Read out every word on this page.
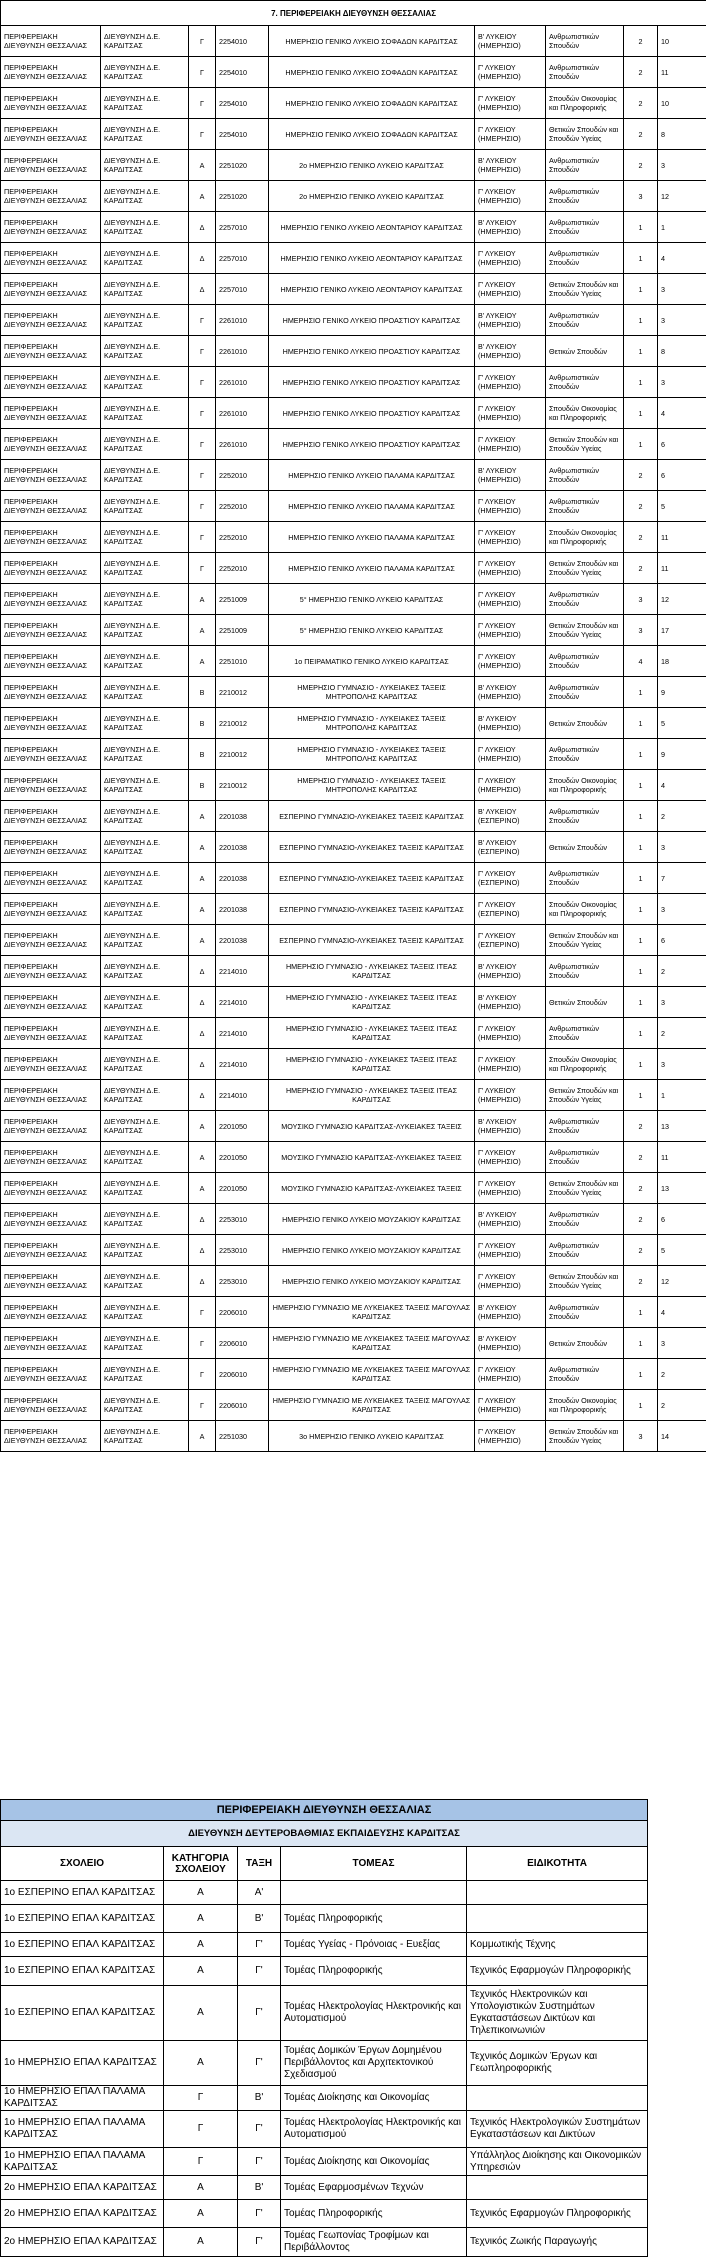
7. ΠΕΡΙΦΕΡΕΙΑΚΗ ΔΙΕΥΘΥΝΣΗ ΘΕΣΣΑΛΙΑΣ								
ΠΕΡΙΦΕΡΕΙΑΚΗ ΔΙΕΥΘΥΝΣΗ ΘΕΣΣΑΛΙΑΣ	ΔΙΕΥΘΥΝΣΗ Δ.Ε. ΚΑΡΔΙΤΣΑΣ	Γ	2254010	ΗΜΕΡΗΣΙΟ ΓΕΝΙΚΟ ΛΥΚΕΙΟ ΣΟΦΑΔΩΝ ΚΑΡΔΙΤΣΑΣ	Β' ΛΥΚΕΙΟΥ (ΗΜΕΡΗΣΙΟ)	Ανθρωπιστικών Σπουδών	2	10
ΠΕΡΙΦΕΡΕΙΑΚΗ ΔΙΕΥΘΥΝΣΗ ΘΕΣΣΑΛΙΑΣ	ΔΙΕΥΘΥΝΣΗ Δ.Ε. ΚΑΡΔΙΤΣΑΣ	Γ	2254010	ΗΜΕΡΗΣΙΟ ΓΕΝΙΚΟ ΛΥΚΕΙΟ ΣΟΦΑΔΩΝ ΚΑΡΔΙΤΣΑΣ	Γ' ΛΥΚΕΙΟΥ (ΗΜΕΡΗΣΙΟ)	Ανθρωπιστικών Σπουδών	2	11
ΠΕΡΙΦΕΡΕΙΑΚΗ ΔΙΕΥΘΥΝΣΗ ΘΕΣΣΑΛΙΑΣ	ΔΙΕΥΘΥΝΣΗ Δ.Ε. ΚΑΡΔΙΤΣΑΣ	Γ	2254010	ΗΜΕΡΗΣΙΟ ΓΕΝΙΚΟ ΛΥΚΕΙΟ ΣΟΦΑΔΩΝ ΚΑΡΔΙΤΣΑΣ	Γ' ΛΥΚΕΙΟΥ (ΗΜΕΡΗΣΙΟ)	Σπουδών Οικονομίας και Πληροφορικής	2	10
ΠΕΡΙΦΕΡΕΙΑΚΗ ΔΙΕΥΘΥΝΣΗ ΘΕΣΣΑΛΙΑΣ	ΔΙΕΥΘΥΝΣΗ Δ.Ε. ΚΑΡΔΙΤΣΑΣ	Γ	2254010	ΗΜΕΡΗΣΙΟ ΓΕΝΙΚΟ ΛΥΚΕΙΟ ΣΟΦΑΔΩΝ ΚΑΡΔΙΤΣΑΣ	Γ' ΛΥΚΕΙΟΥ (ΗΜΕΡΗΣΙΟ)	Θετικών Σπουδών και Σπουδών Υγείας	2	8
ΠΕΡΙΦΕΡΕΙΑΚΗ ΔΙΕΥΘΥΝΣΗ ΘΕΣΣΑΛΙΑΣ	ΔΙΕΥΘΥΝΣΗ Δ.Ε. ΚΑΡΔΙΤΣΑΣ	Α	2251020	2ο ΗΜΕΡΗΣΙΟ ΓΕΝΙΚΟ ΛΥΚΕΙΟ ΚΑΡΔΙΤΣΑΣ	Β' ΛΥΚΕΙΟΥ (ΗΜΕΡΗΣΙΟ)	Ανθρωπιστικών Σπουδών	2	3
ΠΕΡΙΦΕΡΕΙΑΚΗ ΔΙΕΥΘΥΝΣΗ ΘΕΣΣΑΛΙΑΣ	ΔΙΕΥΘΥΝΣΗ Δ.Ε. ΚΑΡΔΙΤΣΑΣ	Α	2251020	2ο ΗΜΕΡΗΣΙΟ ΓΕΝΙΚΟ ΛΥΚΕΙΟ ΚΑΡΔΙΤΣΑΣ	Γ' ΛΥΚΕΙΟΥ (ΗΜΕΡΗΣΙΟ)	Ανθρωπιστικών Σπουδών	3	12
ΠΕΡΙΦΕΡΕΙΑΚΗ ΔΙΕΥΘΥΝΣΗ ΘΕΣΣΑΛΙΑΣ	ΔΙΕΥΘΥΝΣΗ Δ.Ε. ΚΑΡΔΙΤΣΑΣ	Δ	2257010	ΗΜΕΡΗΣΙΟ ΓΕΝΙΚΟ ΛΥΚΕΙΟ ΛΕΟΝΤΑΡΙΟΥ ΚΑΡΔΙΤΣΑΣ	Β' ΛΥΚΕΙΟΥ (ΗΜΕΡΗΣΙΟ)	Ανθρωπιστικών Σπουδών	1	1
ΠΕΡΙΦΕΡΕΙΑΚΗ ΔΙΕΥΘΥΝΣΗ ΘΕΣΣΑΛΙΑΣ	ΔΙΕΥΘΥΝΣΗ Δ.Ε. ΚΑΡΔΙΤΣΑΣ	Δ	2257010	ΗΜΕΡΗΣΙΟ ΓΕΝΙΚΟ ΛΥΚΕΙΟ ΛΕΟΝΤΑΡΙΟΥ ΚΑΡΔΙΤΣΑΣ	Γ' ΛΥΚΕΙΟΥ (ΗΜΕΡΗΣΙΟ)	Ανθρωπιστικών Σπουδών	1	4
ΠΕΡΙΦΕΡΕΙΑΚΗ ΔΙΕΥΘΥΝΣΗ ΘΕΣΣΑΛΙΑΣ	ΔΙΕΥΘΥΝΣΗ Δ.Ε. ΚΑΡΔΙΤΣΑΣ	Δ	2257010	ΗΜΕΡΗΣΙΟ ΓΕΝΙΚΟ ΛΥΚΕΙΟ ΛΕΟΝΤΑΡΙΟΥ ΚΑΡΔΙΤΣΑΣ	Γ' ΛΥΚΕΙΟΥ (ΗΜΕΡΗΣΙΟ)	Θετικών Σπουδών και Σπουδών Υγείας	1	3
ΠΕΡΙΦΕΡΕΙΑΚΗ ΔΙΕΥΘΥΝΣΗ ΘΕΣΣΑΛΙΑΣ	ΔΙΕΥΘΥΝΣΗ Δ.Ε. ΚΑΡΔΙΤΣΑΣ	Γ	2261010	ΗΜΕΡΗΣΙΟ ΓΕΝΙΚΟ ΛΥΚΕΙΟ ΠΡΟΑΣΤΙΟΥ ΚΑΡΔΙΤΣΑΣ	Β' ΛΥΚΕΙΟΥ (ΗΜΕΡΗΣΙΟ)	Ανθρωπιστικών Σπουδών	1	3
ΠΕΡΙΦΕΡΕΙΑΚΗ ΔΙΕΥΘΥΝΣΗ ΘΕΣΣΑΛΙΑΣ	ΔΙΕΥΘΥΝΣΗ Δ.Ε. ΚΑΡΔΙΤΣΑΣ	Γ	2261010	ΗΜΕΡΗΣΙΟ ΓΕΝΙΚΟ ΛΥΚΕΙΟ ΠΡΟΑΣΤΙΟΥ ΚΑΡΔΙΤΣΑΣ	Β' ΛΥΚΕΙΟΥ (ΗΜΕΡΗΣΙΟ)	Θετικών Σπουδών	1	8
ΠΕΡΙΦΕΡΕΙΑΚΗ ΔΙΕΥΘΥΝΣΗ ΘΕΣΣΑΛΙΑΣ	ΔΙΕΥΘΥΝΣΗ Δ.Ε. ΚΑΡΔΙΤΣΑΣ	Γ	2261010	ΗΜΕΡΗΣΙΟ ΓΕΝΙΚΟ ΛΥΚΕΙΟ ΠΡΟΑΣΤΙΟΥ ΚΑΡΔΙΤΣΑΣ	Γ' ΛΥΚΕΙΟΥ (ΗΜΕΡΗΣΙΟ)	Ανθρωπιστικών Σπουδών	1	3
ΠΕΡΙΦΕΡΕΙΑΚΗ ΔΙΕΥΘΥΝΣΗ ΘΕΣΣΑΛΙΑΣ	ΔΙΕΥΘΥΝΣΗ Δ.Ε. ΚΑΡΔΙΤΣΑΣ	Γ	2261010	ΗΜΕΡΗΣΙΟ ΓΕΝΙΚΟ ΛΥΚΕΙΟ ΠΡΟΑΣΤΙΟΥ ΚΑΡΔΙΤΣΑΣ	Γ' ΛΥΚΕΙΟΥ (ΗΜΕΡΗΣΙΟ)	Σπουδών Οικονομίας και Πληροφορικής	1	4
ΠΕΡΙΦΕΡΕΙΑΚΗ ΔΙΕΥΘΥΝΣΗ ΘΕΣΣΑΛΙΑΣ	ΔΙΕΥΘΥΝΣΗ Δ.Ε. ΚΑΡΔΙΤΣΑΣ	Γ	2261010	ΗΜΕΡΗΣΙΟ ΓΕΝΙΚΟ ΛΥΚΕΙΟ ΠΡΟΑΣΤΙΟΥ ΚΑΡΔΙΤΣΑΣ	Γ' ΛΥΚΕΙΟΥ (ΗΜΕΡΗΣΙΟ)	Θετικών Σπουδών και Σπουδών Υγείας	1	6
ΠΕΡΙΦΕΡΕΙΑΚΗ ΔΙΕΥΘΥΝΣΗ ΘΕΣΣΑΛΙΑΣ	ΔΙΕΥΘΥΝΣΗ Δ.Ε. ΚΑΡΔΙΤΣΑΣ	Γ	2252010	ΗΜΕΡΗΣΙΟ ΓΕΝΙΚΟ ΛΥΚΕΙΟ ΠΑΛΑΜΑ ΚΑΡΔΙΤΣΑΣ	Β' ΛΥΚΕΙΟΥ (ΗΜΕΡΗΣΙΟ)	Ανθρωπιστικών Σπουδών	2	6
ΠΕΡΙΦΕΡΕΙΑΚΗ ΔΙΕΥΘΥΝΣΗ ΘΕΣΣΑΛΙΑΣ	ΔΙΕΥΘΥΝΣΗ Δ.Ε. ΚΑΡΔΙΤΣΑΣ	Γ	2252010	ΗΜΕΡΗΣΙΟ ΓΕΝΙΚΟ ΛΥΚΕΙΟ ΠΑΛΑΜΑ ΚΑΡΔΙΤΣΑΣ	Γ' ΛΥΚΕΙΟΥ (ΗΜΕΡΗΣΙΟ)	Ανθρωπιστικών Σπουδών	2	5
ΠΕΡΙΦΕΡΕΙΑΚΗ ΔΙΕΥΘΥΝΣΗ ΘΕΣΣΑΛΙΑΣ	ΔΙΕΥΘΥΝΣΗ Δ.Ε. ΚΑΡΔΙΤΣΑΣ	Γ	2252010	ΗΜΕΡΗΣΙΟ ΓΕΝΙΚΟ ΛΥΚΕΙΟ ΠΑΛΑΜΑ ΚΑΡΔΙΤΣΑΣ	Γ' ΛΥΚΕΙΟΥ (ΗΜΕΡΗΣΙΟ)	Σπουδών Οικονομίας και Πληροφορικής	2	11
ΠΕΡΙΦΕΡΕΙΑΚΗ ΔΙΕΥΘΥΝΣΗ ΘΕΣΣΑΛΙΑΣ	ΔΙΕΥΘΥΝΣΗ Δ.Ε. ΚΑΡΔΙΤΣΑΣ	Γ	2252010	ΗΜΕΡΗΣΙΟ ΓΕΝΙΚΟ ΛΥΚΕΙΟ ΠΑΛΑΜΑ ΚΑΡΔΙΤΣΑΣ	Γ' ΛΥΚΕΙΟΥ (ΗΜΕΡΗΣΙΟ)	Θετικών Σπουδών και Σπουδών Υγείας	2	11
ΠΕΡΙΦΕΡΕΙΑΚΗ ΔΙΕΥΘΥΝΣΗ ΘΕΣΣΑΛΙΑΣ	ΔΙΕΥΘΥΝΣΗ Δ.Ε. ΚΑΡΔΙΤΣΑΣ	Α	2251009	5° ΗΜΕΡΗΣΙΟ ΓΕΝΙΚΟ ΛΥΚΕΙΟ ΚΑΡΔΙΤΣΑΣ	Γ' ΛΥΚΕΙΟΥ (ΗΜΕΡΗΣΙΟ)	Ανθρωπιστικών Σπουδών	3	12
ΠΕΡΙΦΕΡΕΙΑΚΗ ΔΙΕΥΘΥΝΣΗ ΘΕΣΣΑΛΙΑΣ	ΔΙΕΥΘΥΝΣΗ Δ.Ε. ΚΑΡΔΙΤΣΑΣ	Α	2251009	5° ΗΜΕΡΗΣΙΟ ΓΕΝΙΚΟ ΛΥΚΕΙΟ ΚΑΡΔΙΤΣΑΣ	Γ' ΛΥΚΕΙΟΥ (ΗΜΕΡΗΣΙΟ)	Θετικών Σπουδών και Σπουδών Υγείας	3	17
ΠΕΡΙΦΕΡΕΙΑΚΗ ΔΙΕΥΘΥΝΣΗ ΘΕΣΣΑΛΙΑΣ	ΔΙΕΥΘΥΝΣΗ Δ.Ε. ΚΑΡΔΙΤΣΑΣ	Α	2251010	1ο ΠΕΙΡΑΜΑΤΙΚΟ ΓΕΝΙΚΟ ΛΥΚΕΙΟ ΚΑΡΔΙΤΣΑΣ	Γ' ΛΥΚΕΙΟΥ (ΗΜΕΡΗΣΙΟ)	Ανθρωπιστικών Σπουδών	4	18
ΠΕΡΙΦΕΡΕΙΑΚΗ ΔΙΕΥΘΥΝΣΗ ΘΕΣΣΑΛΙΑΣ	ΔΙΕΥΘΥΝΣΗ Δ.Ε. ΚΑΡΔΙΤΣΑΣ	Β	2210012	ΗΜΕΡΗΣΙΟ ΓΥΜΝΑΣΙΟ - ΛΥΚΕΙΑΚΕΣ ΤΑΞΕΙΣ ΜΗΤΡΟΠΟΛΗΣ ΚΑΡΔΙΤΣΑΣ	Β' ΛΥΚΕΙΟΥ (ΗΜΕΡΗΣΙΟ)	Ανθρωπιστικών Σπουδών	1	9
ΠΕΡΙΦΕΡΕΙΑΚΗ ΔΙΕΥΘΥΝΣΗ ΘΕΣΣΑΛΙΑΣ	ΔΙΕΥΘΥΝΣΗ Δ.Ε. ΚΑΡΔΙΤΣΑΣ	Β	2210012	ΗΜΕΡΗΣΙΟ ΓΥΜΝΑΣΙΟ - ΛΥΚΕΙΑΚΕΣ ΤΑΞΕΙΣ ΜΗΤΡΟΠΟΛΗΣ ΚΑΡΔΙΤΣΑΣ	Β' ΛΥΚΕΙΟΥ (ΗΜΕΡΗΣΙΟ)	Θετικών Σπουδών	1	5
ΠΕΡΙΦΕΡΕΙΑΚΗ ΔΙΕΥΘΥΝΣΗ ΘΕΣΣΑΛΙΑΣ	ΔΙΕΥΘΥΝΣΗ Δ.Ε. ΚΑΡΔΙΤΣΑΣ	Β	2210012	ΗΜΕΡΗΣΙΟ ΓΥΜΝΑΣΙΟ - ΛΥΚΕΙΑΚΕΣ ΤΑΞΕΙΣ ΜΗΤΡΟΠΟΛΗΣ ΚΑΡΔΙΤΣΑΣ	Γ' ΛΥΚΕΙΟΥ (ΗΜΕΡΗΣΙΟ)	Ανθρωπιστικών Σπουδών	1	9
ΠΕΡΙΦΕΡΕΙΑΚΗ ΔΙΕΥΘΥΝΣΗ ΘΕΣΣΑΛΙΑΣ	ΔΙΕΥΘΥΝΣΗ Δ.Ε. ΚΑΡΔΙΤΣΑΣ	Β	2210012	ΗΜΕΡΗΣΙΟ ΓΥΜΝΑΣΙΟ - ΛΥΚΕΙΑΚΕΣ ΤΑΞΕΙΣ ΜΗΤΡΟΠΟΛΗΣ ΚΑΡΔΙΤΣΑΣ	Γ' ΛΥΚΕΙΟΥ (ΗΜΕΡΗΣΙΟ)	Σπουδών Οικονομίας και Πληροφορικής	1	4
ΠΕΡΙΦΕΡΕΙΑΚΗ ΔΙΕΥΘΥΝΣΗ ΘΕΣΣΑΛΙΑΣ	ΔΙΕΥΘΥΝΣΗ Δ.Ε. ΚΑΡΔΙΤΣΑΣ	Α	2201038	ΕΣΠΕΡΙΝΟ ΓΥΜΝΑΣΙΟ-ΛΥΚΕΙΑΚΕΣ ΤΑΞΕΙΣ ΚΑΡΔΙΤΣΑΣ	Β' ΛΥΚΕΙΟΥ (ΕΣΠΕΡΙΝΟ)	Ανθρωπιστικών Σπουδών	1	2
ΠΕΡΙΦΕΡΕΙΑΚΗ ΔΙΕΥΘΥΝΣΗ ΘΕΣΣΑΛΙΑΣ	ΔΙΕΥΘΥΝΣΗ Δ.Ε. ΚΑΡΔΙΤΣΑΣ	Α	2201038	ΕΣΠΕΡΙΝΟ ΓΥΜΝΑΣΙΟ-ΛΥΚΕΙΑΚΕΣ ΤΑΞΕΙΣ ΚΑΡΔΙΤΣΑΣ	Β' ΛΥΚΕΙΟΥ (ΕΣΠΕΡΙΝΟ)	Θετικών Σπουδών	1	3
ΠΕΡΙΦΕΡΕΙΑΚΗ ΔΙΕΥΘΥΝΣΗ ΘΕΣΣΑΛΙΑΣ	ΔΙΕΥΘΥΝΣΗ Δ.Ε. ΚΑΡΔΙΤΣΑΣ	Α	2201038	ΕΣΠΕΡΙΝΟ ΓΥΜΝΑΣΙΟ-ΛΥΚΕΙΑΚΕΣ ΤΑΞΕΙΣ ΚΑΡΔΙΤΣΑΣ	Γ' ΛΥΚΕΙΟΥ (ΕΣΠΕΡΙΝΟ)	Ανθρωπιστικών Σπουδών	1	7
ΠΕΡΙΦΕΡΕΙΑΚΗ ΔΙΕΥΘΥΝΣΗ ΘΕΣΣΑΛΙΑΣ	ΔΙΕΥΘΥΝΣΗ Δ.Ε. ΚΑΡΔΙΤΣΑΣ	Α	2201038	ΕΣΠΕΡΙΝΟ ΓΥΜΝΑΣΙΟ-ΛΥΚΕΙΑΚΕΣ ΤΑΞΕΙΣ ΚΑΡΔΙΤΣΑΣ	Γ' ΛΥΚΕΙΟΥ (ΕΣΠΕΡΙΝΟ)	Σπουδών Οικονομίας και Πληροφορικής	1	3
ΠΕΡΙΦΕΡΕΙΑΚΗ ΔΙΕΥΘΥΝΣΗ ΘΕΣΣΑΛΙΑΣ	ΔΙΕΥΘΥΝΣΗ Δ.Ε. ΚΑΡΔΙΤΣΑΣ	Α	2201038	ΕΣΠΕΡΙΝΟ ΓΥΜΝΑΣΙΟ-ΛΥΚΕΙΑΚΕΣ ΤΑΞΕΙΣ ΚΑΡΔΙΤΣΑΣ	Γ' ΛΥΚΕΙΟΥ (ΕΣΠΕΡΙΝΟ)	Θετικών Σπουδών και Σπουδών Υγείας	1	6
ΠΕΡΙΦΕΡΕΙΑΚΗ ΔΙΕΥΘΥΝΣΗ ΘΕΣΣΑΛΙΑΣ	ΔΙΕΥΘΥΝΣΗ Δ.Ε. ΚΑΡΔΙΤΣΑΣ	Δ	2214010	ΗΜΕΡΗΣΙΟ ΓΥΜΝΑΣΙΟ - ΛΥΚΕΙΑΚΕΣ ΤΑΞΕΙΣ ΙΤΕΑΣ ΚΑΡΔΙΤΣΑΣ	Β' ΛΥΚΕΙΟΥ (ΗΜΕΡΗΣΙΟ)	Ανθρωπιστικών Σπουδών	1	2
ΠΕΡΙΦΕΡΕΙΑΚΗ ΔΙΕΥΘΥΝΣΗ ΘΕΣΣΑΛΙΑΣ	ΔΙΕΥΘΥΝΣΗ Δ.Ε. ΚΑΡΔΙΤΣΑΣ	Δ	2214010	ΗΜΕΡΗΣΙΟ ΓΥΜΝΑΣΙΟ - ΛΥΚΕΙΑΚΕΣ ΤΑΞΕΙΣ ΙΤΕΑΣ ΚΑΡΔΙΤΣΑΣ	Β' ΛΥΚΕΙΟΥ (ΗΜΕΡΗΣΙΟ)	Θετικών Σπουδών	1	3
ΠΕΡΙΦΕΡΕΙΑΚΗ ΔΙΕΥΘΥΝΣΗ ΘΕΣΣΑΛΙΑΣ	ΔΙΕΥΘΥΝΣΗ Δ.Ε. ΚΑΡΔΙΤΣΑΣ	Δ	2214010	ΗΜΕΡΗΣΙΟ ΓΥΜΝΑΣΙΟ - ΛΥΚΕΙΑΚΕΣ ΤΑΞΕΙΣ ΙΤΕΑΣ ΚΑΡΔΙΤΣΑΣ	Γ' ΛΥΚΕΙΟΥ (ΗΜΕΡΗΣΙΟ)	Ανθρωπιστικών Σπουδών	1	2
ΠΕΡΙΦΕΡΕΙΑΚΗ ΔΙΕΥΘΥΝΣΗ ΘΕΣΣΑΛΙΑΣ	ΔΙΕΥΘΥΝΣΗ Δ.Ε. ΚΑΡΔΙΤΣΑΣ	Δ	2214010	ΗΜΕΡΗΣΙΟ ΓΥΜΝΑΣΙΟ - ΛΥΚΕΙΑΚΕΣ ΤΑΞΕΙΣ ΙΤΕΑΣ ΚΑΡΔΙΤΣΑΣ	Γ' ΛΥΚΕΙΟΥ (ΗΜΕΡΗΣΙΟ)	Σπουδών Οικονομίας και Πληροφορικής	1	3
ΠΕΡΙΦΕΡΕΙΑΚΗ ΔΙΕΥΘΥΝΣΗ ΘΕΣΣΑΛΙΑΣ	ΔΙΕΥΘΥΝΣΗ Δ.Ε. ΚΑΡΔΙΤΣΑΣ	Δ	2214010	ΗΜΕΡΗΣΙΟ ΓΥΜΝΑΣΙΟ - ΛΥΚΕΙΑΚΕΣ ΤΑΞΕΙΣ ΙΤΕΑΣ ΚΑΡΔΙΤΣΑΣ	Γ' ΛΥΚΕΙΟΥ (ΗΜΕΡΗΣΙΟ)	Θετικών Σπουδών και Σπουδών Υγείας	1	1
ΠΕΡΙΦΕΡΕΙΑΚΗ ΔΙΕΥΘΥΝΣΗ ΘΕΣΣΑΛΙΑΣ	ΔΙΕΥΘΥΝΣΗ Δ.Ε. ΚΑΡΔΙΤΣΑΣ	Α	2201050	ΜΟΥΣΙΚΟ ΓΥΜΝΑΣΙΟ ΚΑΡΔΙΤΣΑΣ-ΛΥΚΕΙΑΚΕΣ ΤΑΞΕΙΣ	Β' ΛΥΚΕΙΟΥ (ΗΜΕΡΗΣΙΟ)	Ανθρωπιστικών Σπουδών	2	13
ΠΕΡΙΦΕΡΕΙΑΚΗ ΔΙΕΥΘΥΝΣΗ ΘΕΣΣΑΛΙΑΣ	ΔΙΕΥΘΥΝΣΗ Δ.Ε. ΚΑΡΔΙΤΣΑΣ	Α	2201050	ΜΟΥΣΙΚΟ ΓΥΜΝΑΣΙΟ ΚΑΡΔΙΤΣΑΣ-ΛΥΚΕΙΑΚΕΣ ΤΑΞΕΙΣ	Γ' ΛΥΚΕΙΟΥ (ΗΜΕΡΗΣΙΟ)	Ανθρωπιστικών Σπουδών	2	11
ΠΕΡΙΦΕΡΕΙΑΚΗ ΔΙΕΥΘΥΝΣΗ ΘΕΣΣΑΛΙΑΣ	ΔΙΕΥΘΥΝΣΗ Δ.Ε. ΚΑΡΔΙΤΣΑΣ	Α	2201050	ΜΟΥΣΙΚΟ ΓΥΜΝΑΣΙΟ ΚΑΡΔΙΤΣΑΣ-ΛΥΚΕΙΑΚΕΣ ΤΑΞΕΙΣ	Γ' ΛΥΚΕΙΟΥ (ΗΜΕΡΗΣΙΟ)	Θετικών Σπουδών και Σπουδών Υγείας	2	13
ΠΕΡΙΦΕΡΕΙΑΚΗ ΔΙΕΥΘΥΝΣΗ ΘΕΣΣΑΛΙΑΣ	ΔΙΕΥΘΥΝΣΗ Δ.Ε. ΚΑΡΔΙΤΣΑΣ	Δ	2253010	ΗΜΕΡΗΣΙΟ ΓΕΝΙΚΟ ΛΥΚΕΙΟ ΜΟΥΖΑΚΙΟΥ ΚΑΡΔΙΤΣΑΣ	Β' ΛΥΚΕΙΟΥ (ΗΜΕΡΗΣΙΟ)	Ανθρωπιστικών Σπουδών	2	6
ΠΕΡΙΦΕΡΕΙΑΚΗ ΔΙΕΥΘΥΝΣΗ ΘΕΣΣΑΛΙΑΣ	ΔΙΕΥΘΥΝΣΗ Δ.Ε. ΚΑΡΔΙΤΣΑΣ	Δ	2253010	ΗΜΕΡΗΣΙΟ ΓΕΝΙΚΟ ΛΥΚΕΙΟ ΜΟΥΖΑΚΙΟΥ ΚΑΡΔΙΤΣΑΣ	Γ' ΛΥΚΕΙΟΥ (ΗΜΕΡΗΣΙΟ)	Ανθρωπιστικών Σπουδών	2	5
ΠΕΡΙΦΕΡΕΙΑΚΗ ΔΙΕΥΘΥΝΣΗ ΘΕΣΣΑΛΙΑΣ	ΔΙΕΥΘΥΝΣΗ Δ.Ε. ΚΑΡΔΙΤΣΑΣ	Δ	2253010	ΗΜΕΡΗΣΙΟ ΓΕΝΙΚΟ ΛΥΚΕΙΟ ΜΟΥΖΑΚΙΟΥ ΚΑΡΔΙΤΣΑΣ	Γ' ΛΥΚΕΙΟΥ (ΗΜΕΡΗΣΙΟ)	Θετικών Σπουδών και Σπουδών Υγείας	2	12
ΠΕΡΙΦΕΡΕΙΑΚΗ ΔΙΕΥΘΥΝΣΗ ΘΕΣΣΑΛΙΑΣ	ΔΙΕΥΘΥΝΣΗ Δ.Ε. ΚΑΡΔΙΤΣΑΣ	Γ	2206010	ΗΜΕΡΗΣΙΟ ΓΥΜΝΑΣΙΟ ΜΕ ΛΥΚΕΙΑΚΕΣ ΤΑΞΕΙΣ ΜΑΓΟΥΛΑΣ ΚΑΡΔΙΤΣΑΣ	Β' ΛΥΚΕΙΟΥ (ΗΜΕΡΗΣΙΟ)	Ανθρωπιστικών Σπουδών	1	4
ΠΕΡΙΦΕΡΕΙΑΚΗ ΔΙΕΥΘΥΝΣΗ ΘΕΣΣΑΛΙΑΣ	ΔΙΕΥΘΥΝΣΗ Δ.Ε. ΚΑΡΔΙΤΣΑΣ	Γ	2206010	ΗΜΕΡΗΣΙΟ ΓΥΜΝΑΣΙΟ ΜΕ ΛΥΚΕΙΑΚΕΣ ΤΑΞΕΙΣ ΜΑΓΟΥΛΑΣ ΚΑΡΔΙΤΣΑΣ	Β' ΛΥΚΕΙΟΥ (ΗΜΕΡΗΣΙΟ)	Θετικών Σπουδών	1	3
ΠΕΡΙΦΕΡΕΙΑΚΗ ΔΙΕΥΘΥΝΣΗ ΘΕΣΣΑΛΙΑΣ	ΔΙΕΥΘΥΝΣΗ Δ.Ε. ΚΑΡΔΙΤΣΑΣ	Γ	2206010	ΗΜΕΡΗΣΙΟ ΓΥΜΝΑΣΙΟ ΜΕ ΛΥΚΕΙΑΚΕΣ ΤΑΞΕΙΣ ΜΑΓΟΥΛΑΣ ΚΑΡΔΙΤΣΑΣ	Γ' ΛΥΚΕΙΟΥ (ΗΜΕΡΗΣΙΟ)	Ανθρωπιστικών Σπουδών	1	2
ΠΕΡΙΦΕΡΕΙΑΚΗ ΔΙΕΥΘΥΝΣΗ ΘΕΣΣΑΛΙΑΣ	ΔΙΕΥΘΥΝΣΗ Δ.Ε. ΚΑΡΔΙΤΣΑΣ	Γ	2206010	ΗΜΕΡΗΣΙΟ ΓΥΜΝΑΣΙΟ ΜΕ ΛΥΚΕΙΑΚΕΣ ΤΑΞΕΙΣ ΜΑΓΟΥΛΑΣ ΚΑΡΔΙΤΣΑΣ	Γ' ΛΥΚΕΙΟΥ (ΗΜΕΡΗΣΙΟ)	Σπουδών Οικονομίας και Πληροφορικής	1	2
ΠΕΡΙΦΕΡΕΙΑΚΗ ΔΙΕΥΘΥΝΣΗ ΘΕΣΣΑΛΙΑΣ	ΔΙΕΥΘΥΝΣΗ Δ.Ε. ΚΑΡΔΙΤΣΑΣ	Α	2251030	3ο ΗΜΕΡΗΣΙΟ ΓΕΝΙΚΟ ΛΥΚΕΙΟ ΚΑΡΔΙΤΣΑΣ	Γ' ΛΥΚΕΙΟΥ (ΗΜΕΡΗΣΙΟ)	Θετικών Σπουδών και Σπουδών Υγείας	3	14
ΠΕΡΙΦΕΡΕΙΑΚΗ ΔΙΕΥΘΥΝΣΗ ΘΕΣΣΑΛΙΑΣ				
ΔΙΕΥΘΥΝΣΗ ΔΕΥΤΕΡΟΒΑΘΜΙΑΣ ΕΚΠΑΙΔΕΥΣΗΣ ΚΑΡΔΙΤΣΑΣ				
ΣΧΟΛΕΙΟ	ΚΑΤΗΓΟΡΙΑ ΣΧΟΛΕΙΟΥ	ΤΑΞΗ	ΤΟΜΕΑΣ	ΕΙΔΙΚΟΤΗΤΑ
1ο ΕΣΠΕΡΙΝΟ ΕΠΑΛ ΚΑΡΔΙΤΣΑΣ	Α	Α'		
1ο ΕΣΠΕΡΙΝΟ ΕΠΑΛ ΚΑΡΔΙΤΣΑΣ	Α	Β'	Τομέας Πληροφορικής	
1ο ΕΣΠΕΡΙΝΟ ΕΠΑΛ ΚΑΡΔΙΤΣΑΣ	Α	Γ'	Τομέας Υγείας - Πρόνοιας - Ευεξίας	Κομμωτικής Τέχνης
1ο ΕΣΠΕΡΙΝΟ ΕΠΑΛ ΚΑΡΔΙΤΣΑΣ	Α	Γ'	Τομέας Πληροφορικής	Τεχνικός Εφαρμογών Πληροφορικής
1ο ΕΣΠΕΡΙΝΟ ΕΠΑΛ ΚΑΡΔΙΤΣΑΣ	Α	Γ'	Τομέας Ηλεκτρολογίας Ηλεκτρονικής και Αυτοματισμού	Τεχνικός Ηλεκτρονικών και Υπολογιστικών Συστημάτων Εγκαταστάσεων Δικτύων και Τηλεπικοινωνιών
1ο ΗΜΕΡΗΣΙΟ ΕΠΑΛ ΚΑΡΔΙΤΣΑΣ	Α	Γ'	Τομέας Δομικών Έργων Δομημένου Περιβάλλοντος και Αρχιτεκτονικού Σχεδιασμού	Τεχνικός Δομικών Έργων και Γεωπληροφορικής
1ο ΗΜΕΡΗΣΙΟ ΕΠΑΛ ΠΑΛΑΜΑ ΚΑΡΔΙΤΣΑΣ	Γ	Β'	Τομέας Διοίκησης και Οικονομίας	
1ο ΗΜΕΡΗΣΙΟ ΕΠΑΛ ΠΑΛΑΜΑ ΚΑΡΔΙΤΣΑΣ	Γ	Γ'	Τομέας Ηλεκτρολογίας Ηλεκτρονικής και Αυτοματισμού	Τεχνικός Ηλεκτρολογικών Συστημάτων Εγκαταστάσεων και Δικτύων
1ο ΗΜΕΡΗΣΙΟ ΕΠΑΛ ΠΑΛΑΜΑ ΚΑΡΔΙΤΣΑΣ	Γ	Γ'	Τομέας Διοίκησης και Οικονομίας	Υπάλληλος Διοίκησης και Οικονομικών Υπηρεσιών
2ο ΗΜΕΡΗΣΙΟ ΕΠΑΛ ΚΑΡΔΙΤΣΑΣ	Α	Β'	Τομέας Εφαρμοσμένων Τεχνών	
2ο ΗΜΕΡΗΣΙΟ ΕΠΑΛ ΚΑΡΔΙΤΣΑΣ	Α	Γ'	Τομέας Πληροφορικής	Τεχνικός Εφαρμογών Πληροφορικής
2ο ΗΜΕΡΗΣΙΟ ΕΠΑΛ ΚΑΡΔΙΤΣΑΣ	Α	Γ'	Τομέας Γεωπονίας Τροφίμων και Περιβάλλοντος	Τεχνικός Ζωικής Παραγωγής
